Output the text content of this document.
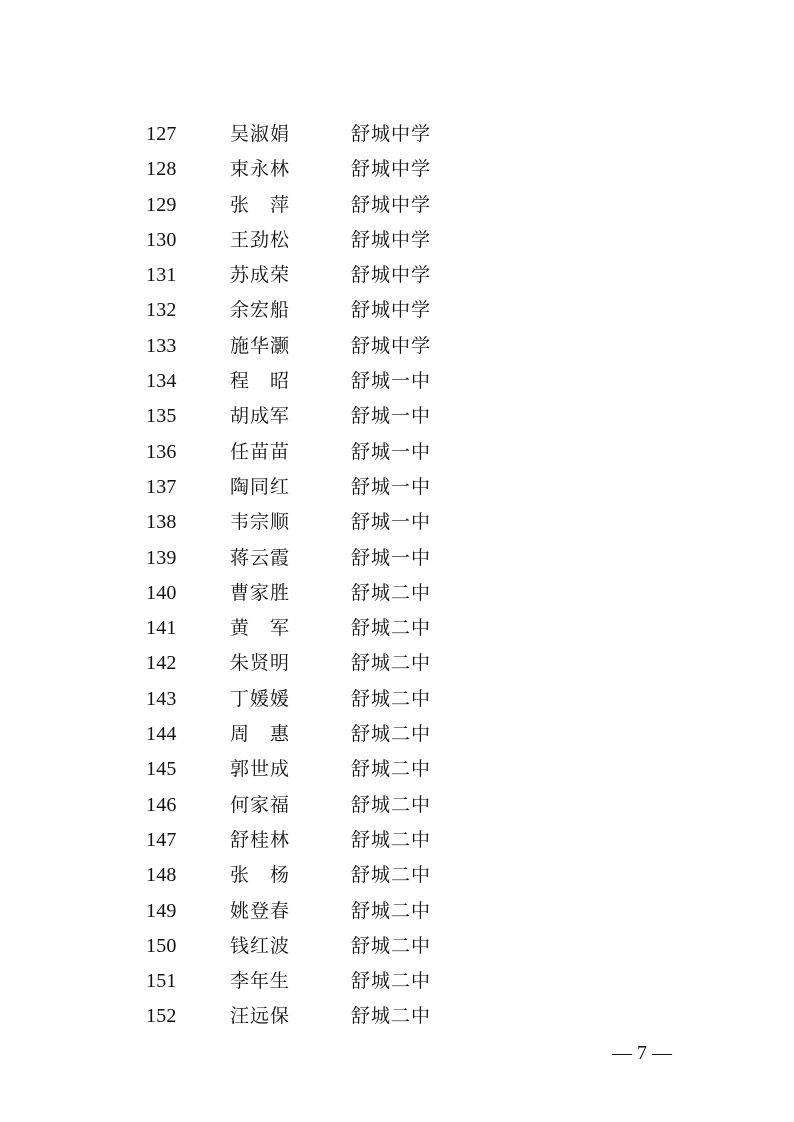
127	吴淑娟	舒城中学
128	束永林	舒城中学
129	张　萍	舒城中学
130	王劲松	舒城中学
131	苏成荣	舒城中学
132	余宏船	舒城中学
133	施华灏	舒城中学
134	程　昭	舒城一中
135	胡成军	舒城一中
136	任苗苗	舒城一中
137	陶同红	舒城一中
138	韦宗顺	舒城一中
139	蒋云霞	舒城一中
140	曹家胜	舒城二中
141	黄　军	舒城二中
142	朱贤明	舒城二中
143	丁媛媛	舒城二中
144	周　惠	舒城二中
145	郭世成	舒城二中
146	何家福	舒城二中
147	舒桂林	舒城二中
148	张　杨	舒城二中
149	姚登春	舒城二中
150	钱红波	舒城二中
151	李年生	舒城二中
152	汪远保	舒城二中
— 7 —
